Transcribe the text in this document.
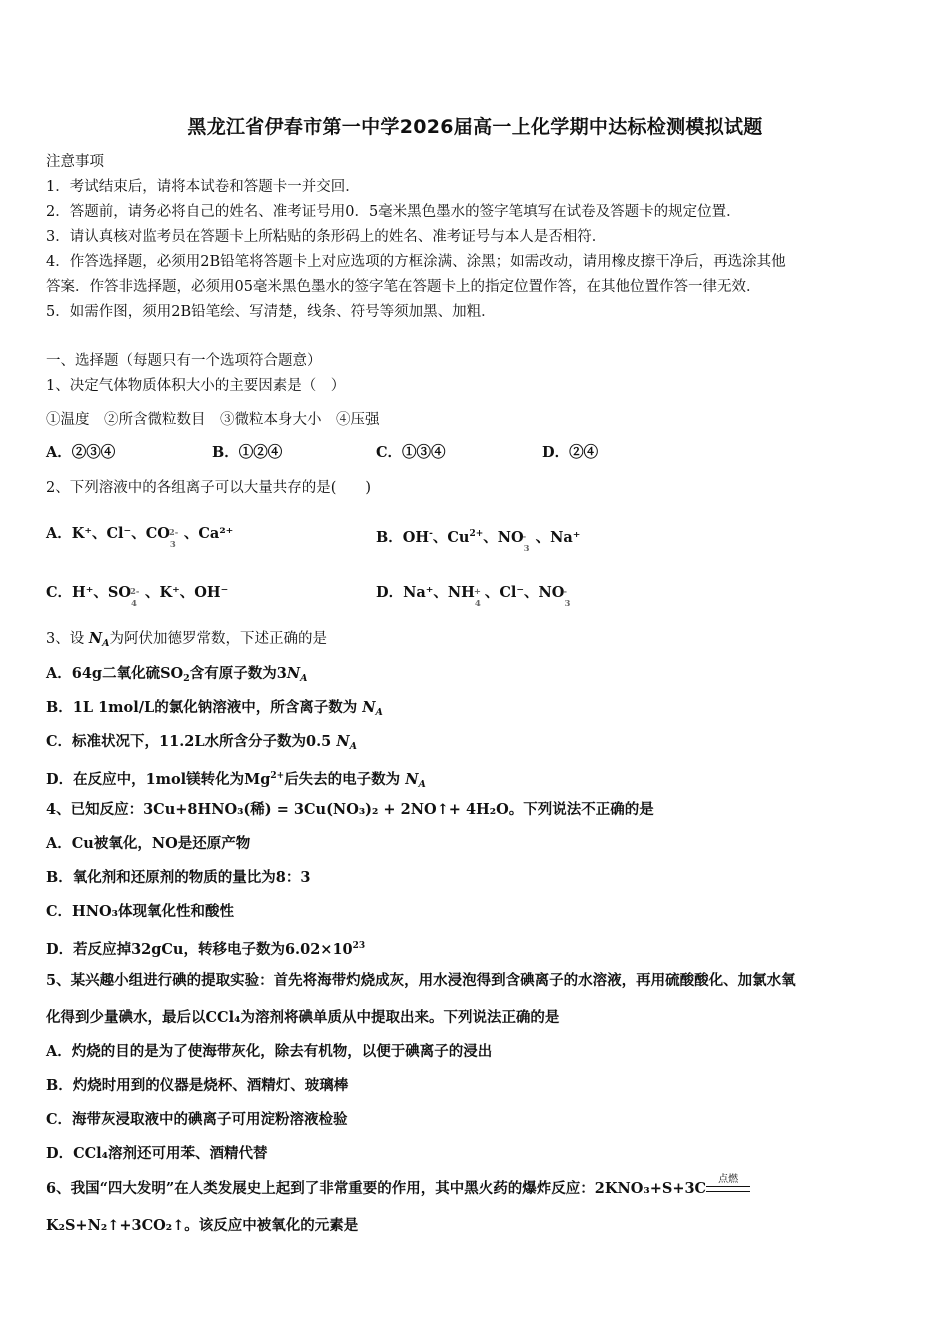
黑龙江省伊春市第一中学2026届高一上化学期中达标检测模拟试题
注意事项
1．考试结束后，请将本试卷和答题卡一并交回．
2．答题前，请务必将自己的姓名、准考证号用0．5毫米黑色墨水的签字笔填写在试卷及答题卡的规定位置．
3．请认真核对监考员在答题卡上所粘贴的条形码上的姓名、准考证号与本人是否相符．
4．作答选择题，必须用2B铅笔将答题卡上对应选项的方框涂满、涂黑；如需改动，请用橡皮擦干净后，再选涂其他
答案．作答非选择题，必须用05毫米黑色墨水的签字笔在答题卡上的指定位置作答，在其他位置作答一律无效．
5．如需作图，须用2B铅笔绘、写清楚，线条、符号等须加黑、加粗．
一、选择题（每题只有一个选项符合题意）
1、决定气体物质体积大小的主要因素是（　）
①温度　②所含微粒数目　③微粒本身大小　④压强
A．②③④	B．①②④	C．①③④	D．②④
2、下列溶液中的各组离子可以大量共存的是(　　)
A．K⁺、Cl⁻、CO 2-
3
、Ca²⁺	B．OH-、$Cu^{2+}$、NO -
3
、Na⁺
C．H⁺、SO 2-
4
、K⁺、OH⁻	D．Na⁺、NH +
4
、Cl⁻、NO -
3
3、设 $N_A$为阿伏加德罗常数，下述正确的是
A．64g二氧化硫$SO_2$含有原子数为$3N_A$
B．1L 1mol/L的氯化钠溶液中，所含离子数为 $N_A$
C．标准状况下，11.2L水所含分子数为0.5 $N_A$
D．在反应中，1mol镁转化为$Mg^{2+}$后失去的电子数为 $N_A$
4、已知反应：3Cu+8HNO₃(稀) = 3Cu(NO₃)₂ + 2NO↑+ 4H₂O。下列说法不正确的是
A．Cu被氧化，NO是还原产物
B．氧化剂和还原剂的物质的量比为8：3
C．HNO₃体现氧化性和酸性
D．若反应掉32gCu，转移电子数为$6.02\times 10^{23}$
5、某兴趣小组进行碘的提取实验：首先将海带灼烧成灰，用水浸泡得到含碘离子的水溶液，再用硫酸酸化、加氯水氧
化得到少量碘水，最后以CCl₄为溶剂将碘单质从中提取出来。下列说法正确的是
A．灼烧的目的是为了使海带灰化，除去有机物，以便于碘离子的浸出
B．灼烧时用到的仪器是烧杯、酒精灯、玻璃棒
C．海带灰浸取液中的碘离子可用淀粉溶液检验
D．CCl₄溶剂还可用苯、酒精代替
6、我国“四大发明”在人类发展史上起到了非常重要的作用，其中黑火药的爆炸反应：2KNO₃+S+3C
点燃
K₂S+N₂↑+3CO₂↑。该反应中被氧化的元素是
